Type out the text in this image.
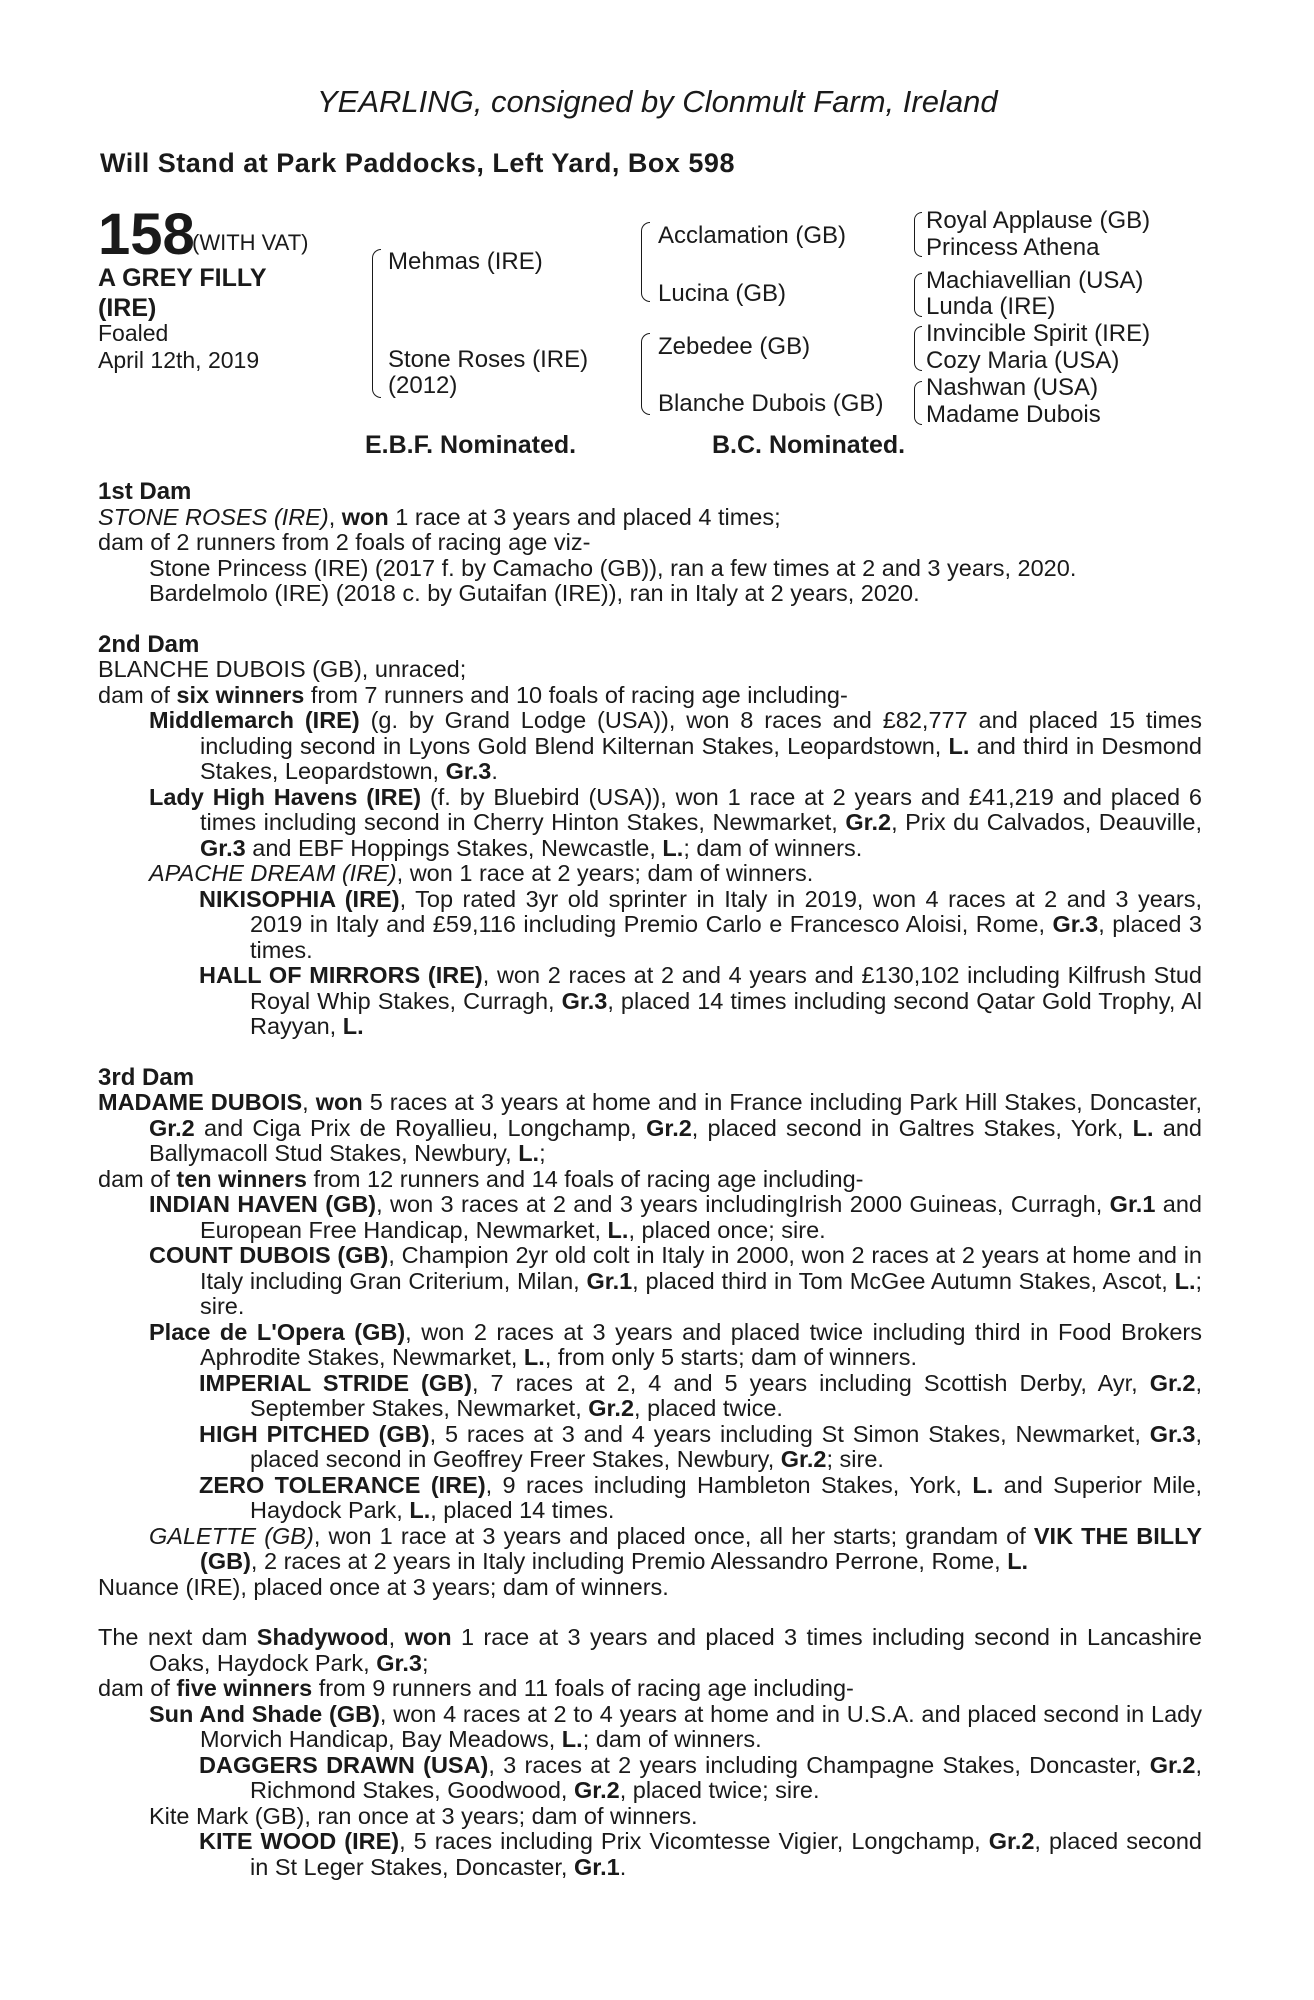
YEARLING, consigned by Clonmult Farm, Ireland
Will Stand at Park Paddocks, Left Yard, Box 598
158
(WITH VAT)
A GREY FILLY
(IRE)
Foaled
April 12th, 2019
Mehmas (IRE)
Stone Roses (IRE)
(2012)
Acclamation (GB)
Lucina (GB)
Zebedee (GB)
Blanche Dubois (GB)
Royal Applause (GB)
Princess Athena
Machiavellian (USA)
Lunda (IRE)
Invincible Spirit (IRE)
Cozy Maria (USA)
Nashwan (USA)
Madame Dubois
E.B.F. Nominated.	B.C. Nominated.
1st Dam
STONE ROSES (IRE), won 1 race at 3 years and placed 4 times;
dam of 2 runners from 2 foals of racing age viz-
Stone Princess (IRE) (2017 f. by Camacho (GB)), ran a few times at 2 and 3 years, 2020.
Bardelmolo (IRE) (2018 c. by Gutaifan (IRE)), ran in Italy at 2 years, 2020.
2nd Dam
BLANCHE DUBOIS (GB), unraced;
dam of six winners from 7 runners and 10 foals of racing age including-
Middlemarch (IRE) (g. by Grand Lodge (USA)), won 8 races and £82,777 and placed 15 times including second in Lyons Gold Blend Kilternan Stakes, Leopardstown, L. and third in Desmond Stakes, Leopardstown, Gr.3.
Lady High Havens (IRE) (f. by Bluebird (USA)), won 1 race at 2 years and £41,219 and placed 6 times including second in Cherry Hinton Stakes, Newmarket, Gr.2, Prix du Calvados, Deauville, Gr.3 and EBF Hoppings Stakes, Newcastle, L.; dam of winners.
APACHE DREAM (IRE), won 1 race at 2 years; dam of winners.
NIKISOPHIA (IRE), Top rated 3yr old sprinter in Italy in 2019, won 4 races at 2 and 3 years, 2019 in Italy and £59,116 including Premio Carlo e Francesco Aloisi, Rome, Gr.3, placed 3 times.
HALL OF MIRRORS (IRE), won 2 races at 2 and 4 years and £130,102 including Kilfrush Stud Royal Whip Stakes, Curragh, Gr.3, placed 14 times including second Qatar Gold Trophy, Al Rayyan, L.
3rd Dam
MADAME DUBOIS, won 5 races at 3 years at home and in France including Park Hill Stakes, Doncaster, Gr.2 and Ciga Prix de Royallieu, Longchamp, Gr.2, placed second in Galtres Stakes, York, L. and Ballymacoll Stud Stakes, Newbury, L.;
dam of ten winners from 12 runners and 14 foals of racing age including-
INDIAN HAVEN (GB), won 3 races at 2 and 3 years includingIrish 2000 Guineas, Curragh, Gr.1 and European Free Handicap, Newmarket, L., placed once; sire.
COUNT DUBOIS (GB), Champion 2yr old colt in Italy in 2000, won 2 races at 2 years at home and in Italy including Gran Criterium, Milan, Gr.1, placed third in Tom McGee Autumn Stakes, Ascot, L.; sire.
Place de L'Opera (GB), won 2 races at 3 years and placed twice including third in Food Brokers Aphrodite Stakes, Newmarket, L., from only 5 starts; dam of winners.
IMPERIAL STRIDE (GB), 7 races at 2, 4 and 5 years including Scottish Derby, Ayr, Gr.2, September Stakes, Newmarket, Gr.2, placed twice.
HIGH PITCHED (GB), 5 races at 3 and 4 years including St Simon Stakes, Newmarket, Gr.3, placed second in Geoffrey Freer Stakes, Newbury, Gr.2; sire.
ZERO TOLERANCE (IRE), 9 races including Hambleton Stakes, York, L. and Superior Mile, Haydock Park, L., placed 14 times.
GALETTE (GB), won 1 race at 3 years and placed once, all her starts; grandam of VIK THE BILLY (GB), 2 races at 2 years in Italy including Premio Alessandro Perrone, Rome, L.
Nuance (IRE), placed once at 3 years; dam of winners.
The next dam Shadywood, won 1 race at 3 years and placed 3 times including second in Lancashire Oaks, Haydock Park, Gr.3;
dam of five winners from 9 runners and 11 foals of racing age including-
Sun And Shade (GB), won 4 races at 2 to 4 years at home and in U.S.A. and placed second in Lady Morvich Handicap, Bay Meadows, L.; dam of winners.
DAGGERS DRAWN (USA), 3 races at 2 years including Champagne Stakes, Doncaster, Gr.2, Richmond Stakes, Goodwood, Gr.2, placed twice; sire.
Kite Mark (GB), ran once at 3 years; dam of winners.
KITE WOOD (IRE), 5 races including Prix Vicomtesse Vigier, Longchamp, Gr.2, placed second in St Leger Stakes, Doncaster, Gr.1.
